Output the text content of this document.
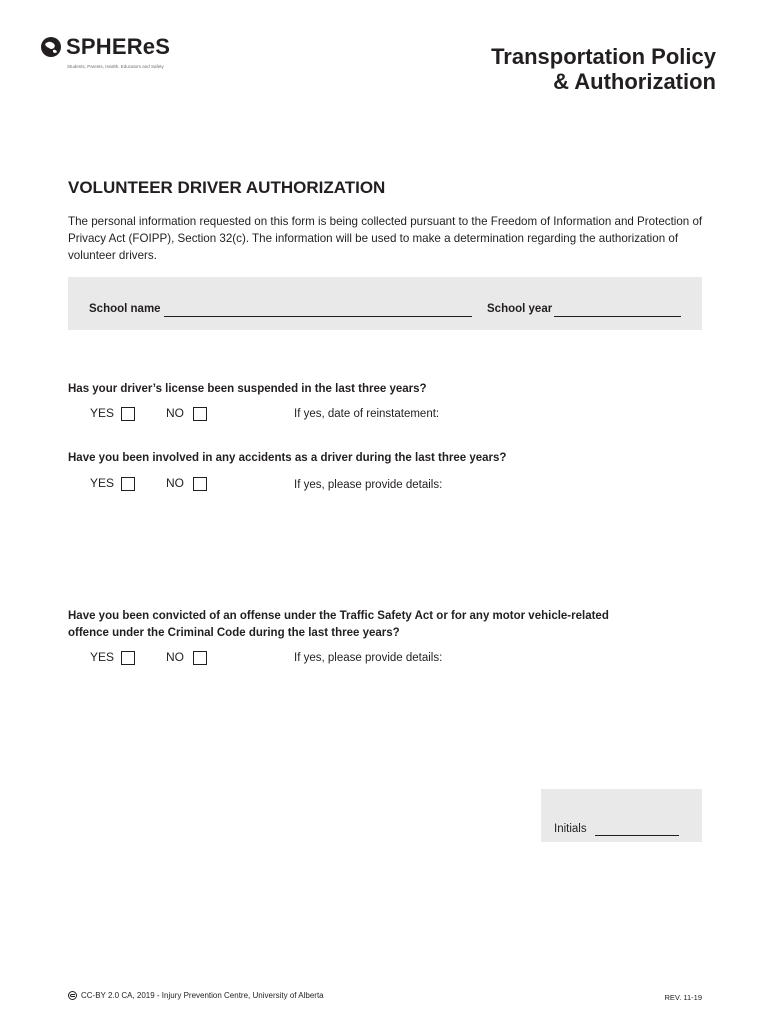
SPHEReS
Students, Parents, Health, Educators and Safety	Transportation Policy
& Authorization
VOLUNTEER DRIVER AUTHORIZATION
The personal information requested on this form is being collected pursuant to the Freedom of Information and Protection of Privacy Act (FOIPP), Section 32(c). The information will be used to make a determination regarding the authorization of volunteer drivers.
School name	School year
Has your driver’s license been suspended in the last three years?
YES	NO	If yes, date of reinstatement:
Have you been involved in any accidents as a driver during the last three years?
YES	NO	If yes, please provide details:
Have you been convicted of an offense under the Traffic Safety Act or for any motor vehicle-related
offence under the Criminal Code during the last three years?
YES	NO	If yes, please provide details:
Initials
CC-BY 2.0 CA, 2019 - Injury Prevention Centre, University of Alberta	REV. 11-19
